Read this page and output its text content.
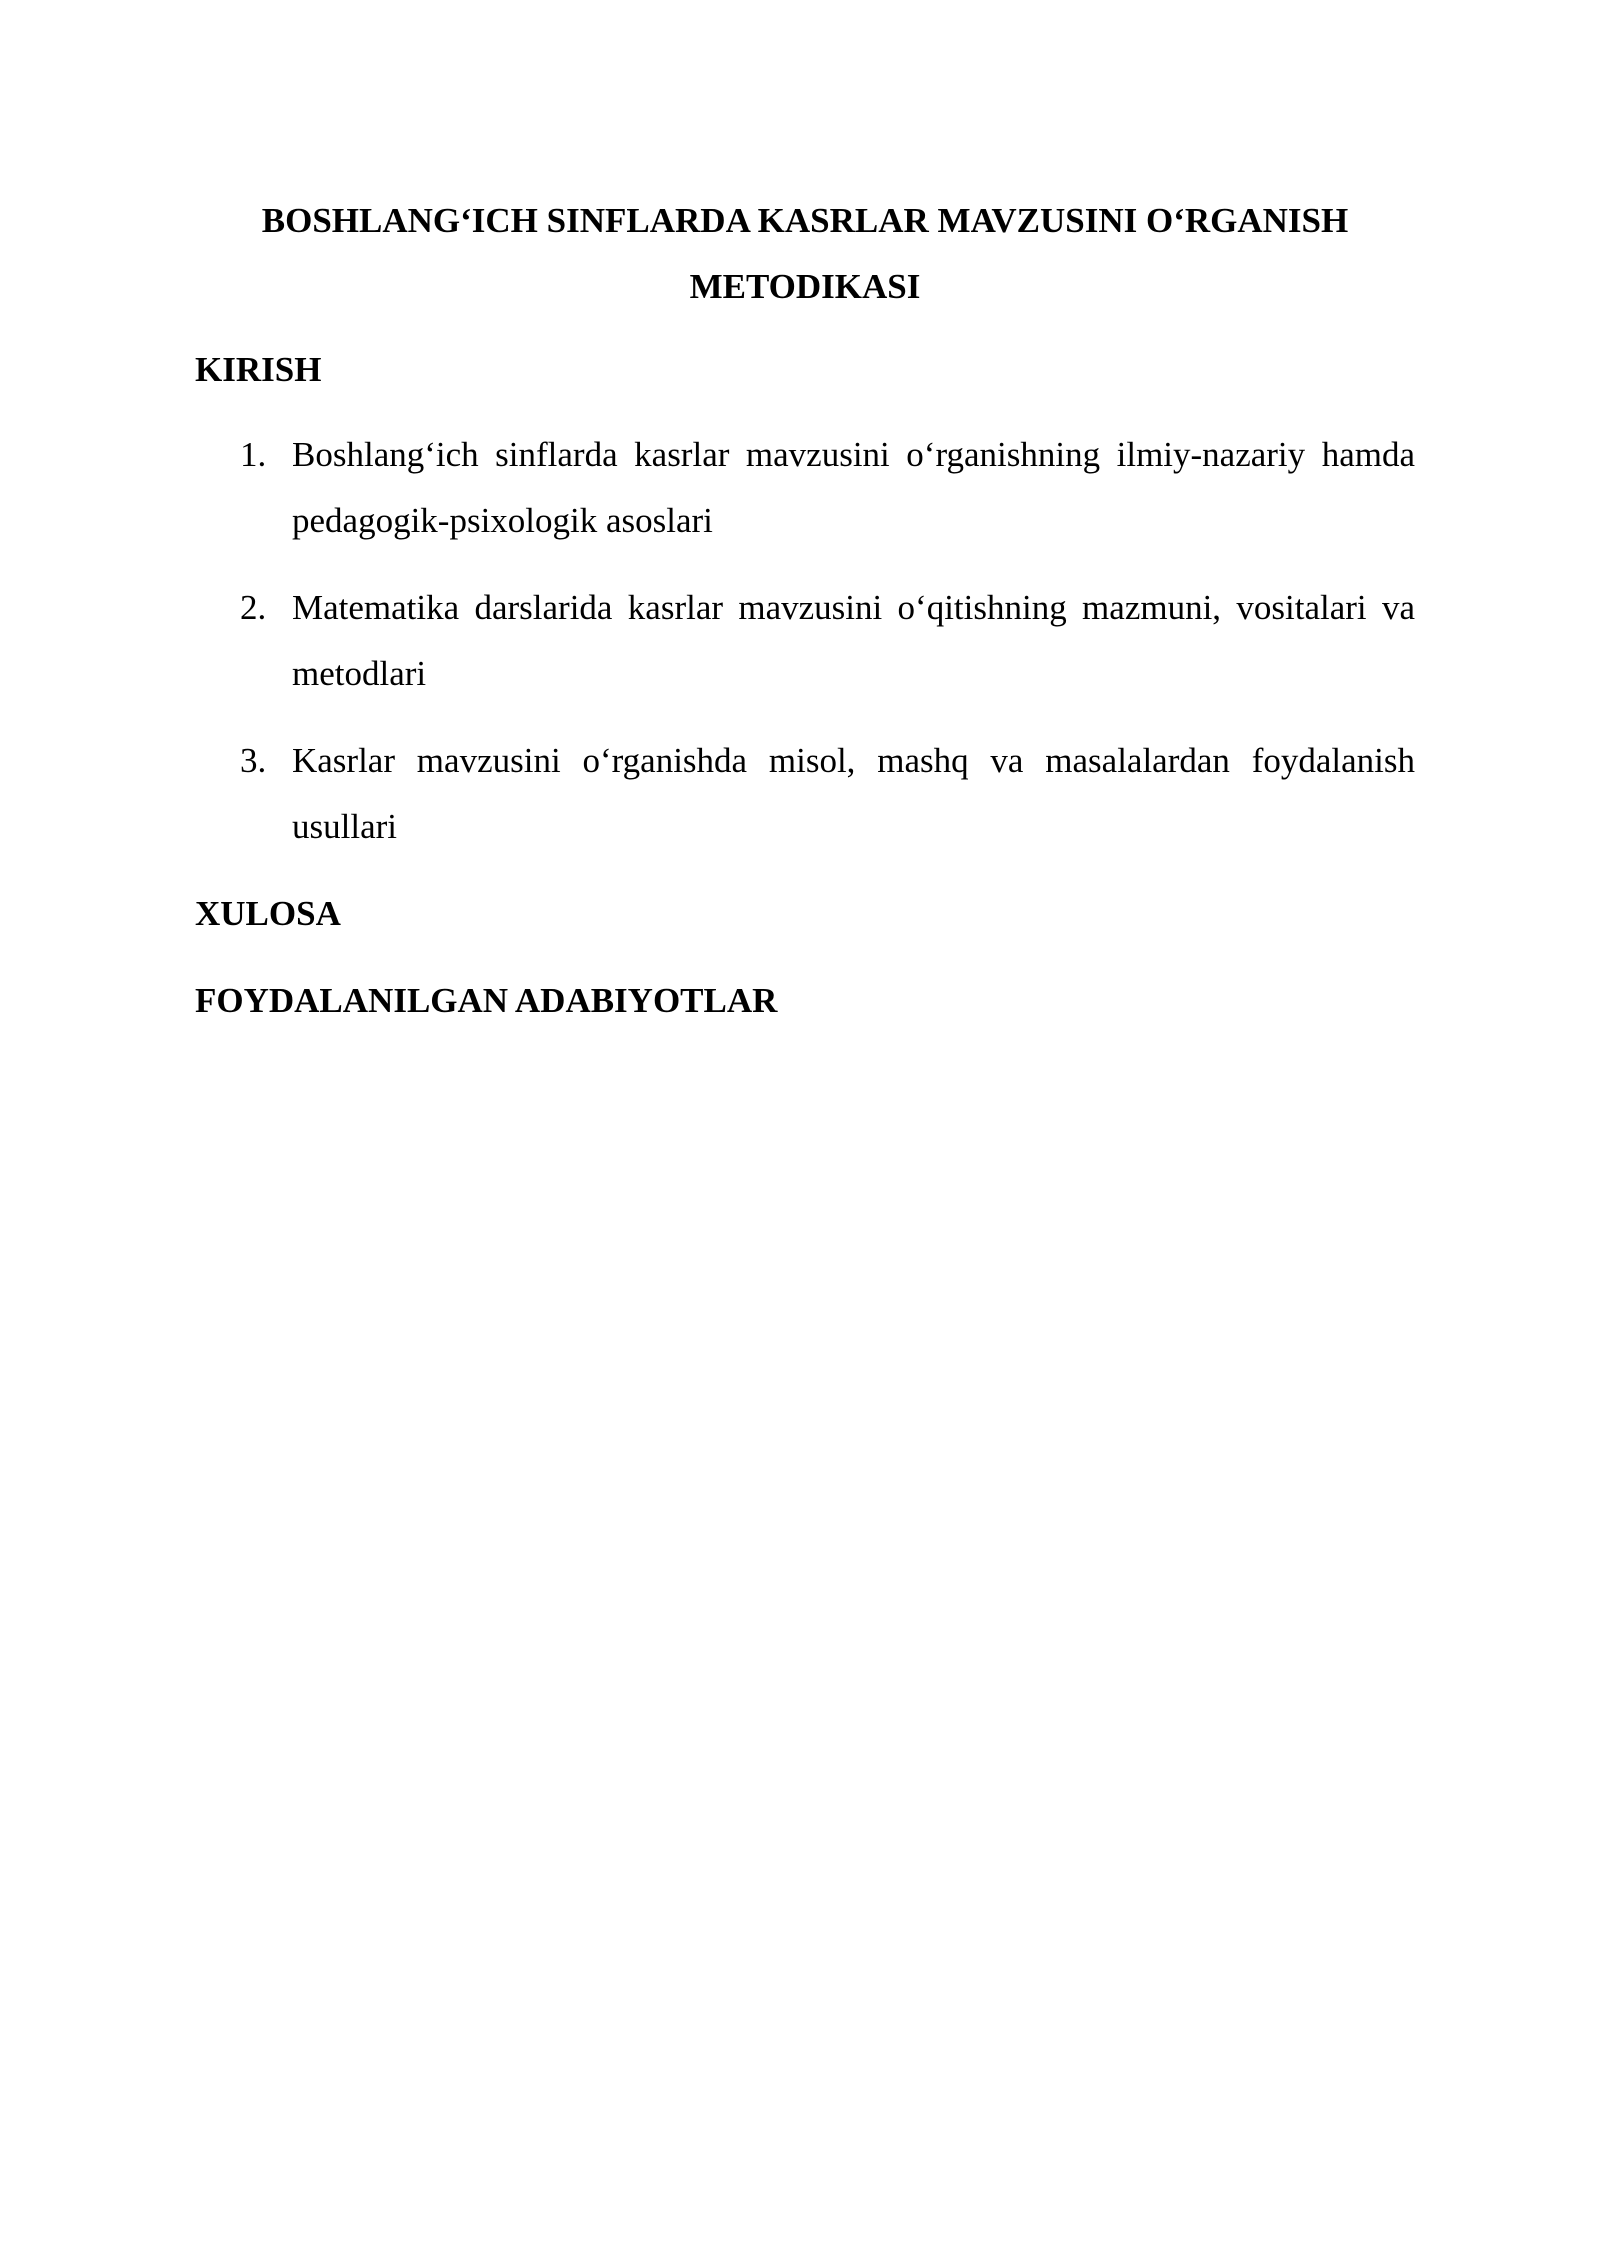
BOSHLANG‘ICH SINFLARDA KASRLAR MAVZUSINI O‘RGANISH METODIKASI
KIRISH
1. Boshlang‘ich sinflarda kasrlar mavzusini o‘rganishning ilmiy-nazariy hamda pedagogik-psixologik asoslari
2. Matematika darslarida kasrlar mavzusini o‘qitishning mazmuni, vositalari va metodlari
3. Kasrlar mavzusini o‘rganishda misol, mashq va masalalardan foydalanish usullari
XULOSA
FOYDALANILGAN ADABIYOTLAR
